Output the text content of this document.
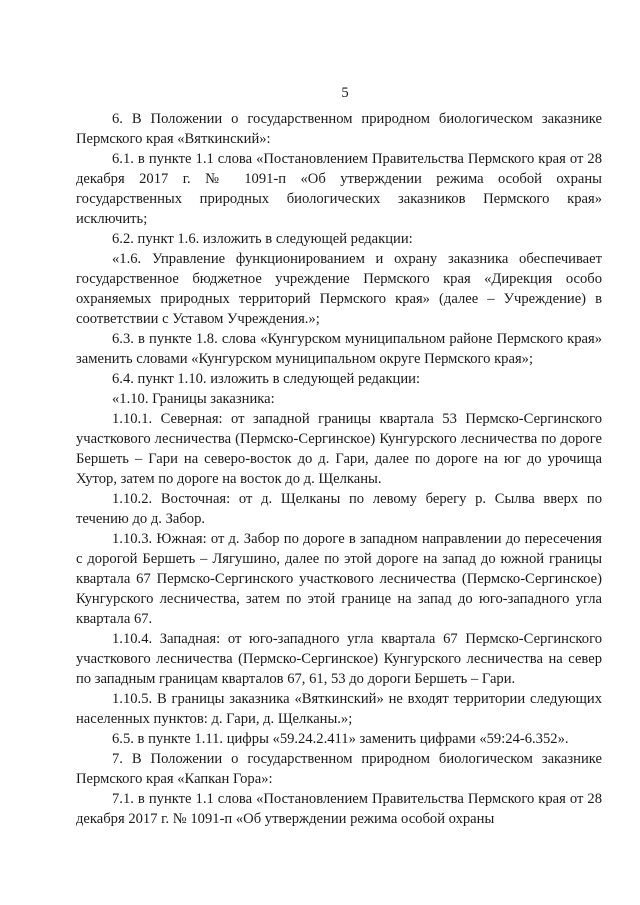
5

6. В Положении о государственном природном биологическом заказнике Пермского края «Вяткинский»:

6.1. в пункте 1.1 слова «Постановлением Правительства Пермского края от 28 декабря 2017 г. № 1091-п «Об утверждении режима особой охраны государственных природных биологических заказников Пермского края» исключить;

6.2. пункт 1.6. изложить в следующей редакции:

«1.6. Управление функционированием и охрану заказника обеспечивает государственное бюджетное учреждение Пермского края «Дирекция особо охраняемых природных территорий Пермского края» (далее – Учреждение) в соответствии с Уставом Учреждения.»;

6.3. в пункте 1.8. слова «Кунгурском муниципальном районе Пермского края» заменить словами «Кунгурском муниципальном округе Пермского края»;

6.4. пункт 1.10. изложить в следующей редакции:

«1.10. Границы заказника:

1.10.1. Северная: от западной границы квартала 53 Пермско-Сергинского участкового лесничества (Пермско-Сергинское) Кунгурского лесничества по дороге Бершеть – Гари на северо-восток до д. Гари, далее по дороге на юг до урочища Хутор, затем по дороге на восток до д. Щелканы.

1.10.2. Восточная: от д. Щелканы по левому берегу р. Сылва вверх по течению до д. Забор.

1.10.3. Южная: от д. Забор по дороге в западном направлении до пересечения с дорогой Бершеть – Лягушино, далее по этой дороге на запад до южной границы квартала 67 Пермско-Сергинского участкового лесничества (Пермско-Сергинское) Кунгурского лесничества, затем по этой границе на запад до юго-западного угла квартала 67.

1.10.4. Западная: от юго-западного угла квартала 67 Пермско-Сергинского участкового лесничества (Пермско-Сергинское) Кунгурского лесничества на север по западным границам кварталов 67, 61, 53 до дороги Бершеть – Гари.

1.10.5. В границы заказника «Вяткинский» не входят территории следующих населенных пунктов: д. Гари, д. Щелканы.»;

6.5. в пункте 1.11. цифры «59.24.2.411» заменить цифрами «59:24-6.352».

7. В Положении о государственном природном биологическом заказнике Пермского края «Капкан Гора»:

7.1. в пункте 1.1 слова «Постановлением Правительства Пермского края от 28 декабря 2017 г. № 1091-п «Об утверждении режима особой охраны
